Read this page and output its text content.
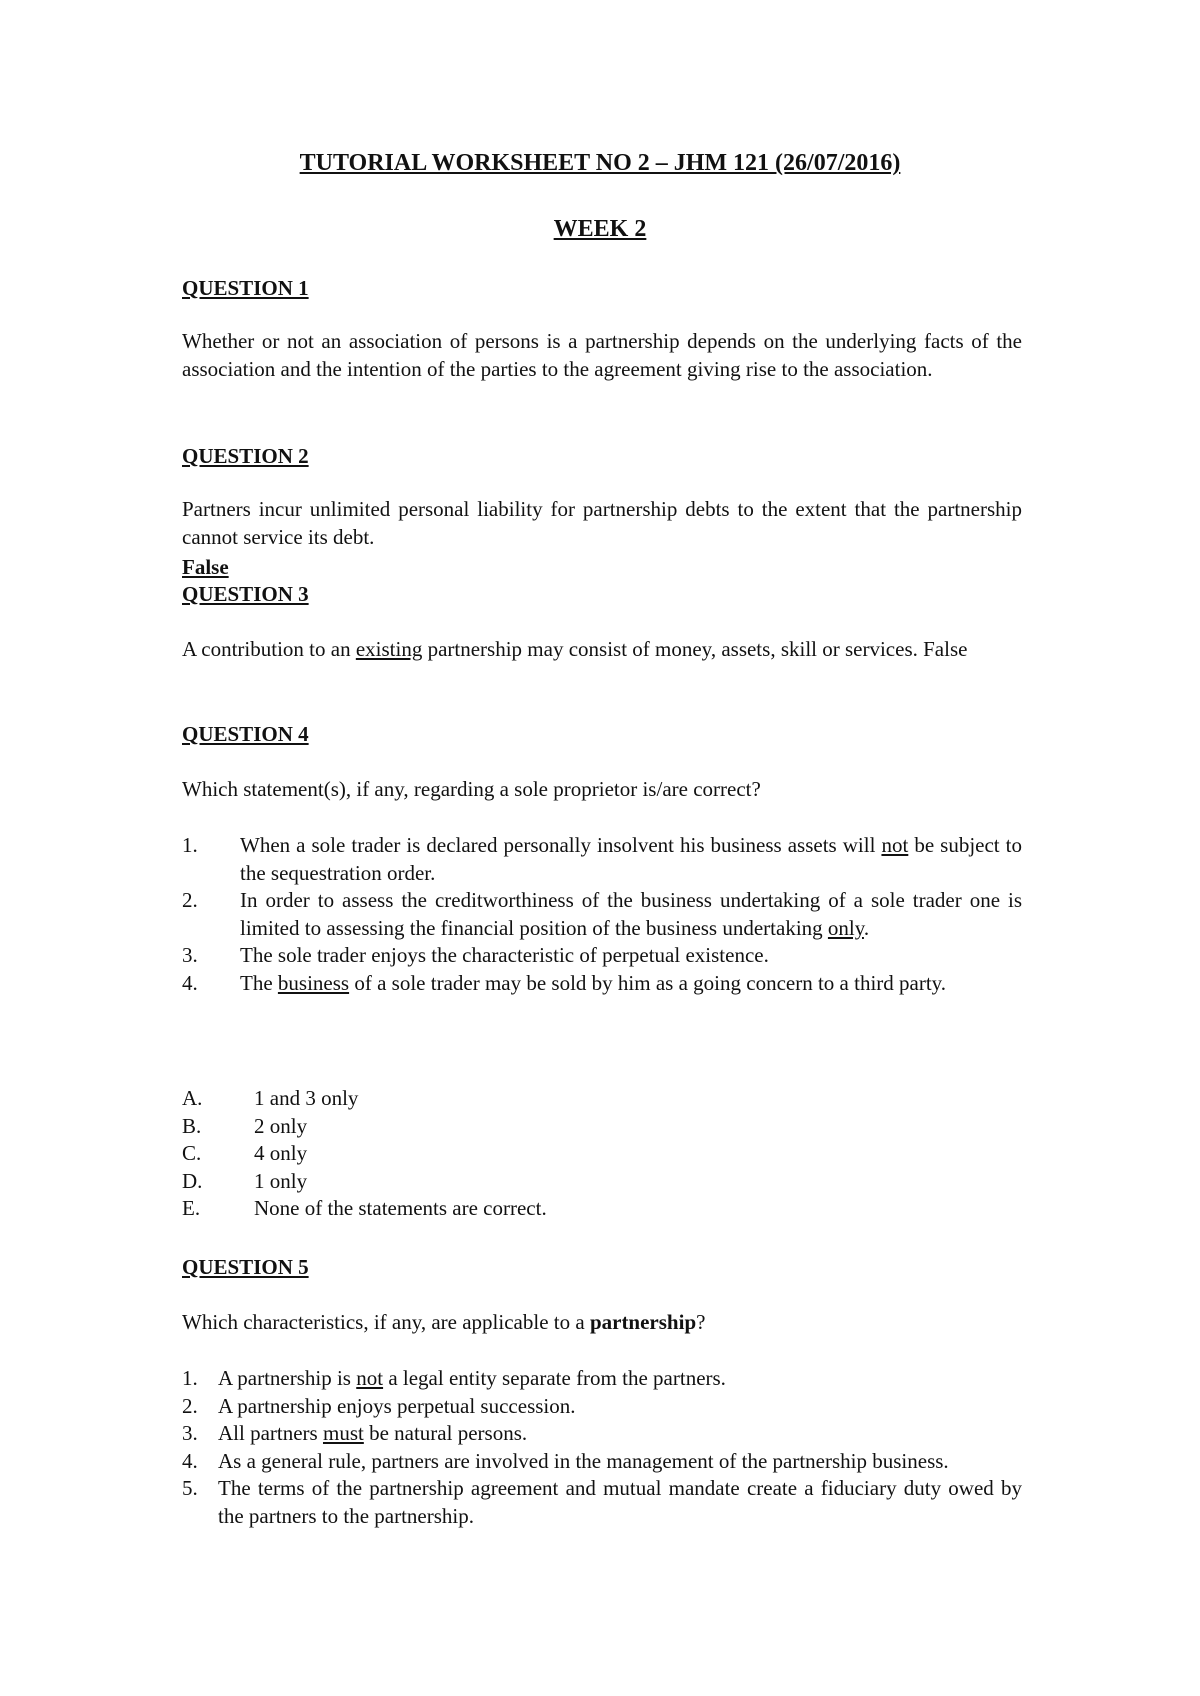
TUTORIAL WORKSHEET NO 2 – JHM 121 (26/07/2016)
WEEK 2
QUESTION 1
Whether or not an association of persons is a partnership depends on the underlying facts of the association and the intention of the parties to the agreement giving rise to the association.
QUESTION 2
Partners incur unlimited personal liability for partnership debts to the extent that the partnership cannot service its debt.
False
QUESTION 3
A contribution to an existing partnership may consist of money, assets, skill or services. False
QUESTION 4
Which statement(s), if any, regarding a sole proprietor is/are correct?
1.	When a sole trader is declared personally insolvent his business assets will not be subject to the sequestration order.
2.	In order to assess the creditworthiness of the business undertaking of a sole trader one is limited to assessing the financial position of the business undertaking only.
3.	The sole trader enjoys the characteristic of perpetual existence.
4.	The business of a sole trader may be sold by him as a going concern to a third party.
A.	1 and 3 only
B.	2 only
C.	4 only
D.	1 only
E.	None of the statements are correct.
QUESTION 5
Which characteristics, if any, are applicable to a partnership?
1. A partnership is not a legal entity separate from the partners.
2. A partnership enjoys perpetual succession.
3. All partners must be natural persons.
4. As a general rule, partners are involved in the management of the partnership business.
5. The terms of the partnership agreement and mutual mandate create a fiduciary duty owed by the partners to the partnership.
